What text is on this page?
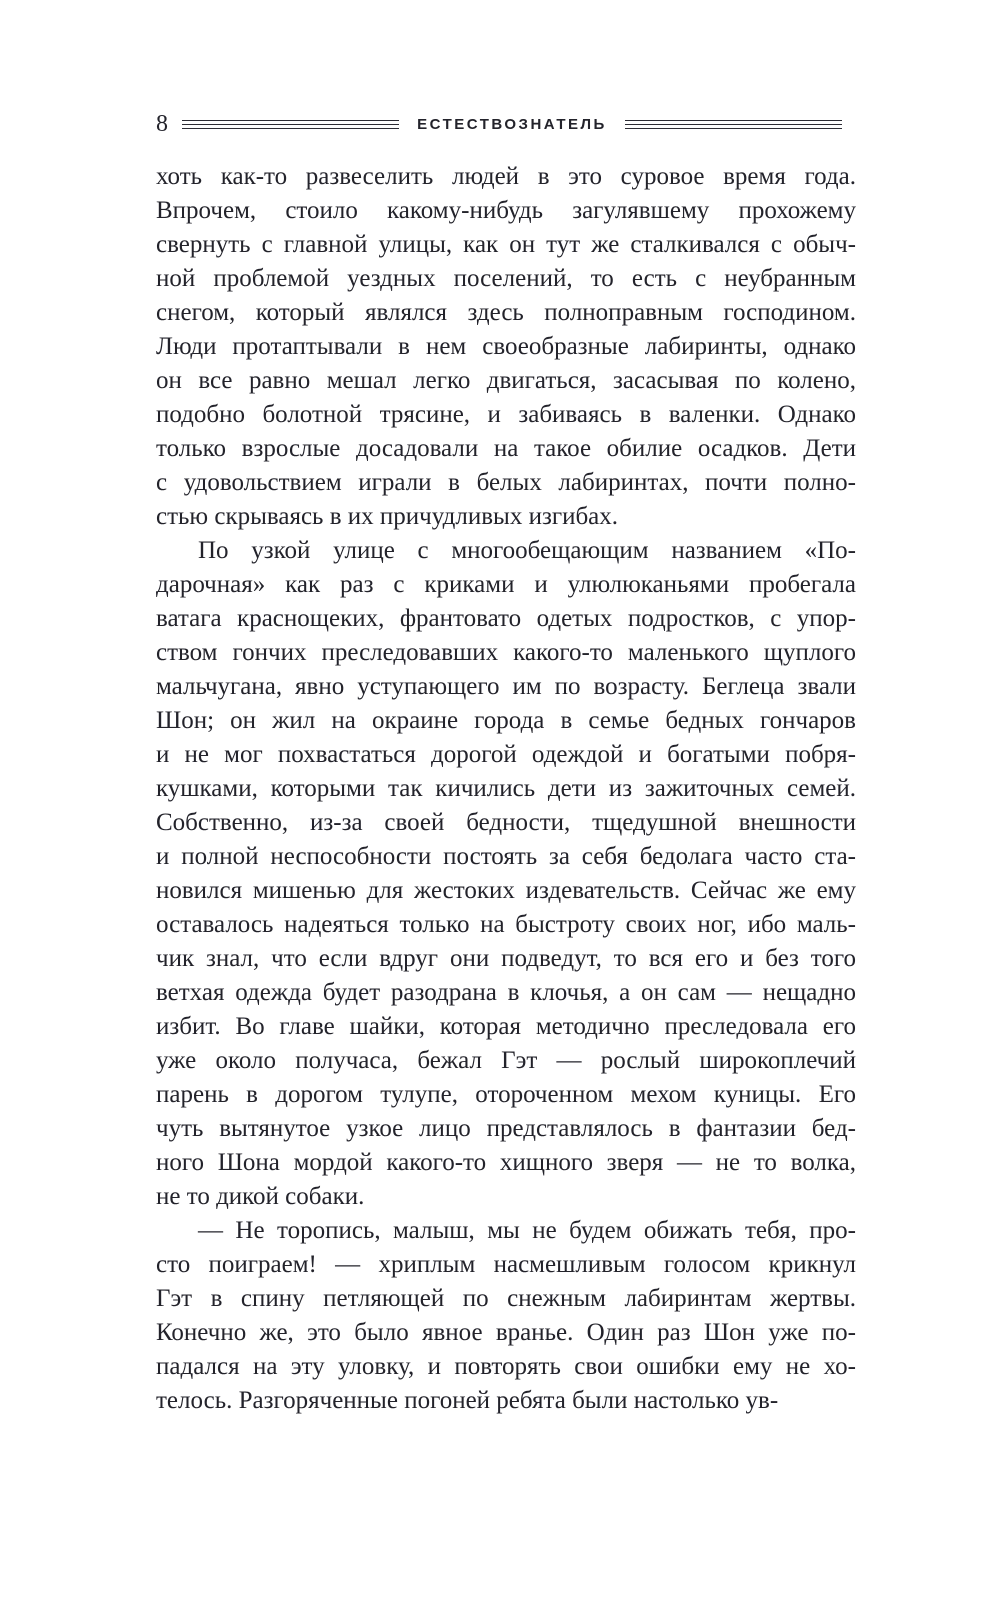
8	ЕСТЕСТВОЗНАТЕЛЬ
хоть как-то развеселить людей в это суровое время года.
Впрочем, стоило какому-нибудь загулявшему прохожему
свернуть с главной улицы, как он тут же сталкивался с обыч-
ной проблемой уездных поселений, то есть с неубранным
снегом, который являлся здесь полноправным господином.
Люди протаптывали в нем своеобразные лабиринты, однако
он все равно мешал легко двигаться, засасывая по колено,
подобно болотной трясине, и забиваясь в валенки. Однако
только взрослые досадовали на такое обилие осадков. Дети
с удовольствием играли в белых лабиринтах, почти полно-
стью скрываясь в их причудливых изгибах.
По узкой улице с многообещающим названием «По-
дарочная» как раз с криками и улюлюканьями пробегала
ватага краснощеких, франтовато одетых подростков, с упор-
ством гончих преследовавших какого-то маленького щуплого
мальчугана, явно уступающего им по возрасту. Беглеца звали
Шон; он жил на окраине города в семье бедных гончаров
и не мог похвастаться дорогой одеждой и богатыми побря-
кушками, которыми так кичились дети из зажиточных семей.
Собственно, из-за своей бедности, тщедушной внешности
и полной неспособности постоять за себя бедолага часто ста-
новился мишенью для жестоких издевательств. Сейчас же ему
оставалось надеяться только на быстроту своих ног, ибо маль-
чик знал, что если вдруг они подведут, то вся его и без того
ветхая одежда будет разодрана в клочья, а он сам — нещадно
избит. Во главе шайки, которая методично преследовала его
уже около получаса, бежал Гэт — рослый широкоплечий
парень в дорогом тулупе, отороченном мехом куницы. Его
чуть вытянутое узкое лицо представлялось в фантазии бед-
ного Шона мордой какого-то хищного зверя — не то волка,
не то дикой собаки.
— Не торопись, малыш, мы не будем обижать тебя, про-
сто поиграем! — хриплым насмешливым голосом крикнул
Гэт в спину петляющей по снежным лабиринтам жертвы.
Конечно же, это было явное вранье. Один раз Шон уже по-
падался на эту уловку, и повторять свои ошибки ему не хо-
телось. Разгоряченные погоней ребята были настолько ув-
